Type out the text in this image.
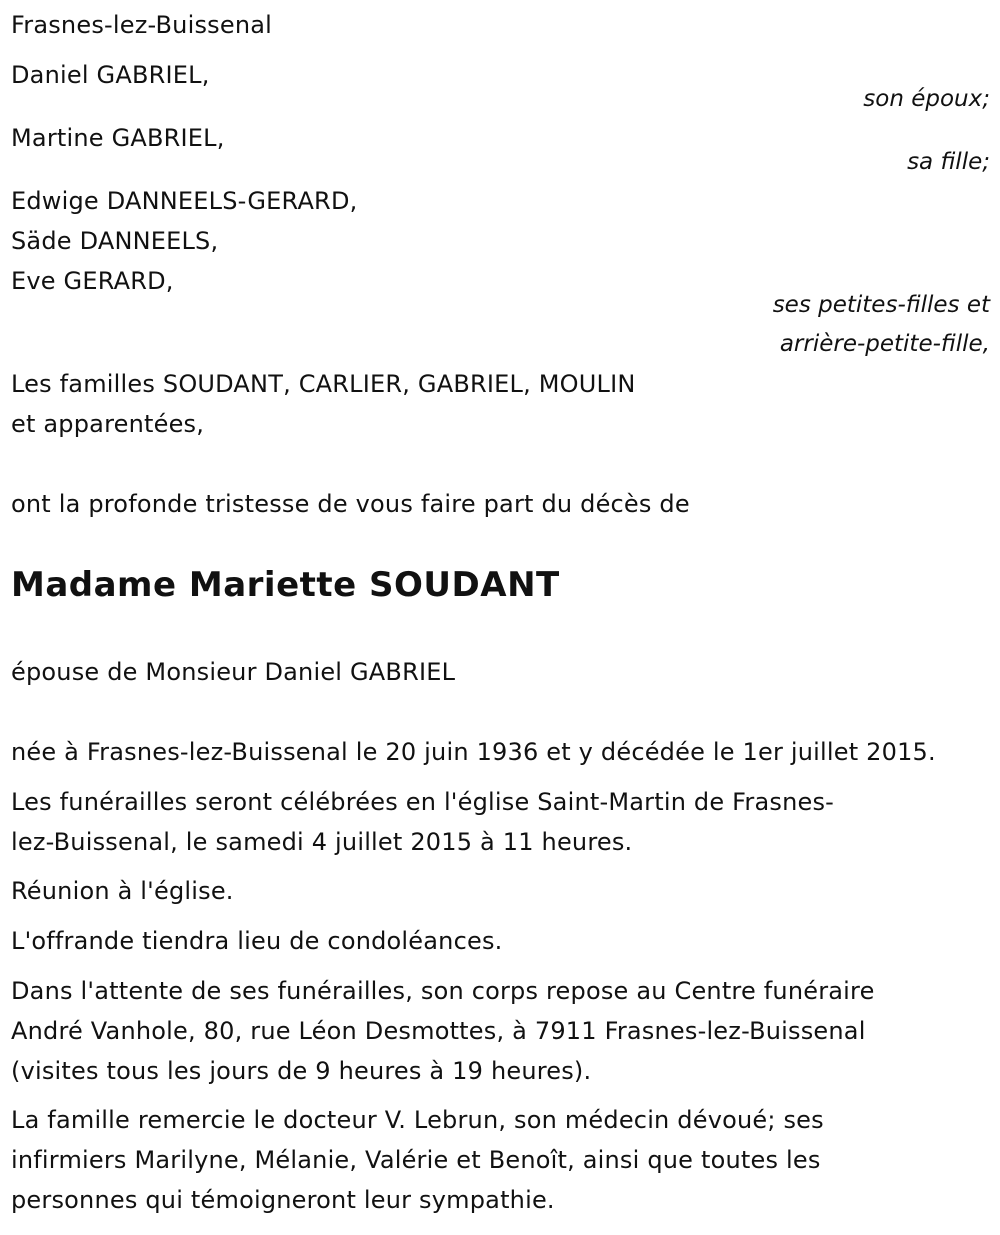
Frasnes-lez-Buissenal
Daniel GABRIEL,
son époux;
Martine GABRIEL,
sa fille;
Edwige DANNEELS-GERARD,
Säde DANNEELS,
Eve GERARD,
ses petites-filles et
arrière-petite-fille,
Les familles SOUDANT, CARLIER, GABRIEL, MOULIN
et apparentées,
ont la profonde tristesse de vous faire part du décès de
Madame Mariette SOUDANT
épouse de Monsieur Daniel GABRIEL
née à Frasnes-lez-Buissenal le 20 juin 1936 et y décédée le 1er juillet 2015.
Les funérailles seront célébrées en l'église Saint-Martin de Frasnes-
lez-Buissenal, le samedi 4 juillet 2015 à 11 heures.
Réunion à l'église.
L'offrande tiendra lieu de condoléances.
Dans l'attente de ses funérailles, son corps repose au Centre funéraire
André Vanhole, 80, rue Léon Desmottes, à 7911 Frasnes-lez-Buissenal
(visites tous les jours de 9 heures à 19 heures).
La famille remercie le docteur V. Lebrun, son médecin dévoué; ses
infirmiers Marilyne, Mélanie, Valérie et Benoît, ainsi que toutes les
personnes qui témoigneront leur sympathie.
